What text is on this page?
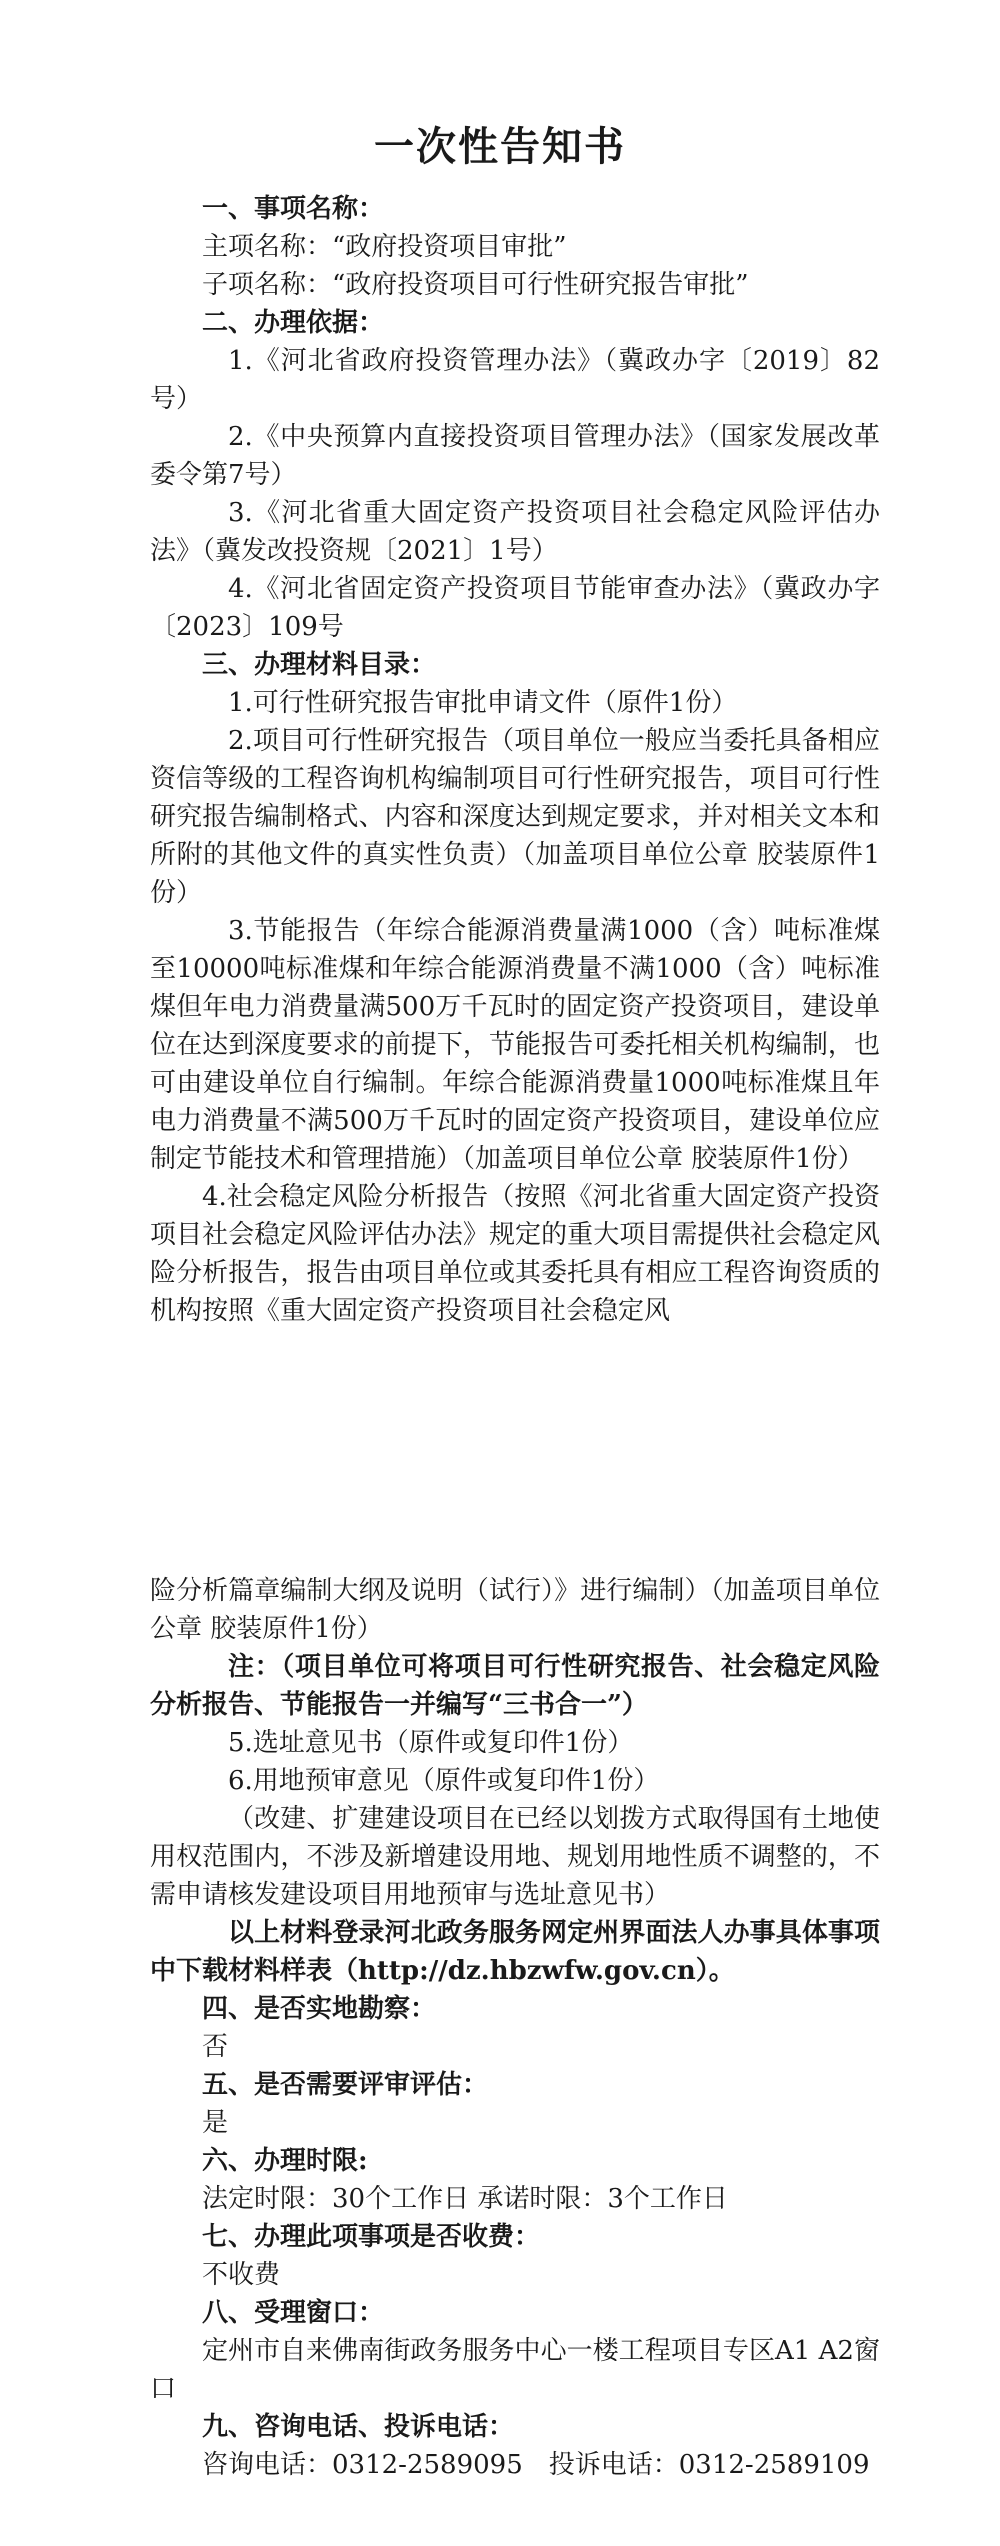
一次性告知书

一、事项名称：

主项名称：“政府投资项目审批”

子项名称：“政府投资项目可行性研究报告审批”

二、办理依据：

1.《河北省政府投资管理办法》（冀政办字〔2019〕82号）

2.《中央预算内直接投资项目管理办法》（国家发展改革委令第7号）

3.《河北省重大固定资产投资项目社会稳定风险评估办法》（冀发改投资规〔2021〕1号）

4.《河北省固定资产投资项目节能审查办法》（冀政办字〔2023〕109号

三、办理材料目录：

1.可行性研究报告审批申请文件（原件1份）

2.项目可行性研究报告（项目单位一般应当委托具备相应资信等级的工程咨询机构编制项目可行性研究报告，项目可行性研究报告编制格式、内容和深度达到规定要求，并对相关文本和所附的其他文件的真实性负责）（加盖项目单位公章 胶装原件1份）

3.节能报告（年综合能源消费量满1000（含）吨标准煤至10000吨标准煤和年综合能源消费量不满1000（含）吨标准煤但年电力消费量满500万千瓦时的固定资产投资项目，建设单位在达到深度要求的前提下，节能报告可委托相关机构编制，也可由建设单位自行编制。年综合能源消费量1000吨标准煤且年电力消费量不满500万千瓦时的固定资产投资项目，建设单位应制定节能技术和管理措施）（加盖项目单位公章 胶装原件1份）

4.社会稳定风险分析报告（按照《河北省重大固定资产投资项目社会稳定风险评估办法》规定的重大项目需提供社会稳定风险分析报告，报告由项目单位或其委托具有相应工程咨询资质的机构按照《重大固定资产投资项目社会稳定风

险分析篇章编制大纲及说明（试行）》进行编制）（加盖项目单位公章 胶装原件1份）

注：（项目单位可将项目可行性研究报告、社会稳定风险分析报告、节能报告一并编写“三书合一”）

5.选址意见书（原件或复印件1份）

6.用地预审意见（原件或复印件1份）

（改建、扩建建设项目在已经以划拨方式取得国有土地使用权范围内，不涉及新增建设用地、规划用地性质不调整的，不需申请核发建设项目用地预审与选址意见书）

以上材料登录河北政务服务网定州界面法人办事具体事项中下载材料样表（http://dz.hbzwfw.gov.cn）。

四、是否实地勘察：

否

五、是否需要评审评估：

是

六、办理时限:

法定时限：30个工作日 承诺时限：3个工作日

七、办理此项事项是否收费：

不收费

八、受理窗口：

定州市自来佛南街政务服务中心一楼工程项目专区A1 A2窗口

九、咨询电话、投诉电话：

咨询电话：0312-2589095　投诉电话：0312-2589109
